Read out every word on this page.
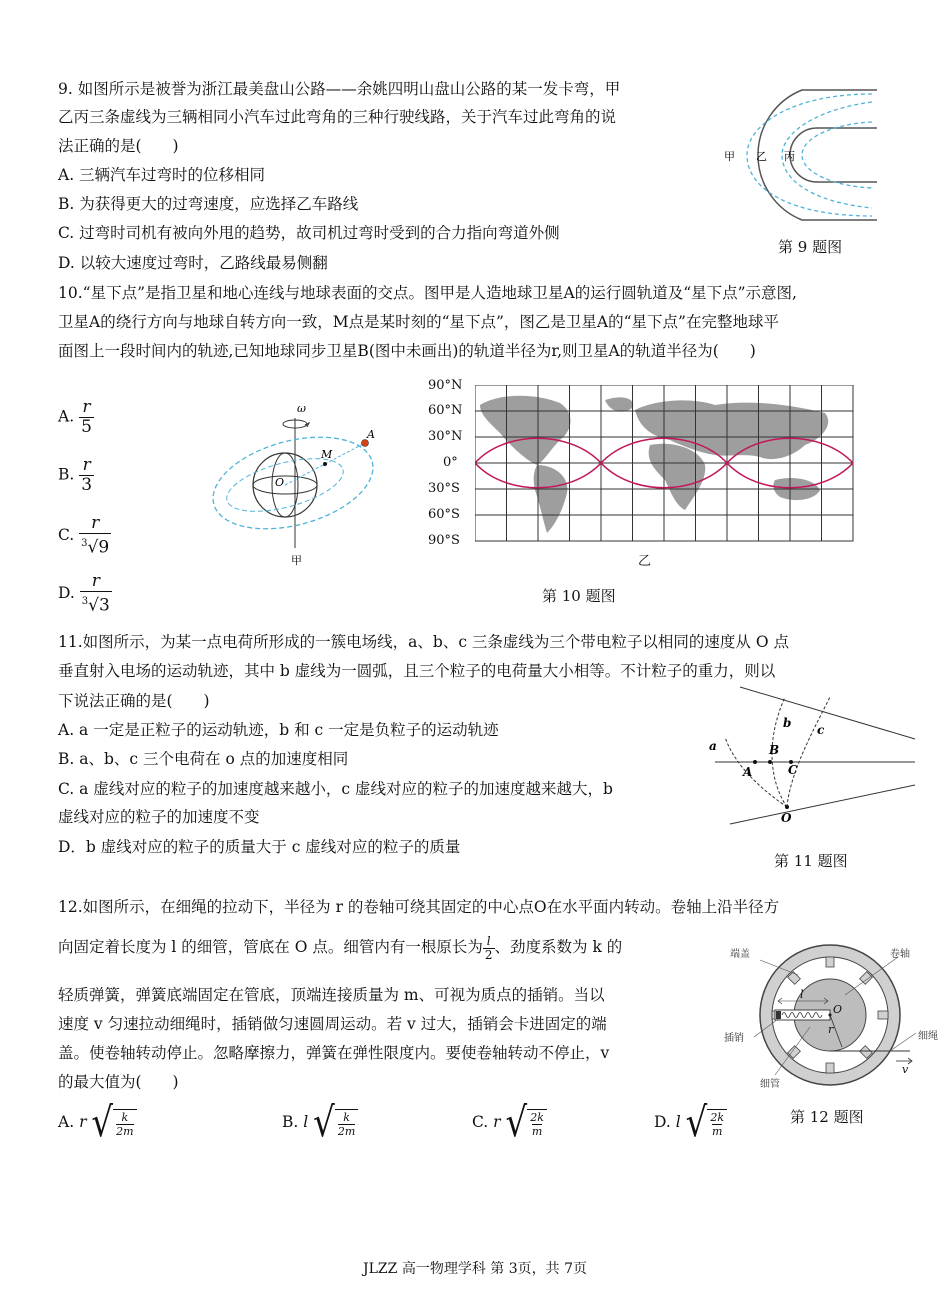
9. 如图所示是被誉为浙江最美盘山公路——余姚四明山盘山公路的某一发卡弯，甲
乙丙三条虚线为三辆相同小汽车过此弯角的三种行驶线路，关于汽车过此弯角的说
法正确的是(　　)
A. 三辆汽车过弯时的位移相同
B. 为获得更大的过弯速度，应选择乙车路线
C. 过弯时司机有被向外甩的趋势，故司机过弯时受到的合力指向弯道外侧
D. 以较大速度过弯时，乙路线最易侧翻
甲 乙 丙
第 9 题图
10.“星下点”是指卫星和地心连线与地球表面的交点。图甲是人造地球卫星A的运行圆轨道及“星下点”示意图,
卫星A的绕行方向与地球自转方向一致，M点是某时刻的“星下点”，图乙是卫星A的“星下点”在完整地球平
面图上一段时间内的轨迹,已知地球同步卫星B(图中未画出)的轨道半径为r,则卫星A的轨道半径为(　　)
A. $\frac{r}{5}$
B. $\frac{r}{3}$
C. $\frac{r}{^3√9}$
D. $\frac{r}{^3√3}$
ω
A
M
O
甲
90°N
60°N
30°N
0°
30°S
60°S
90°S
乙
第 10 题图
11.如图所示，为某一点电荷所形成的一簇电场线，a、b、c 三条虚线为三个带电粒子以相同的速度从 O 点
垂直射入电场的运动轨迹，其中 b 虚线为一圆弧，且三个粒子的电荷量大小相等。不计粒子的重力，则以
下说法正确的是(　　)
A. a 一定是正粒子的运动轨迹，b 和 c 一定是负粒子的运动轨迹
B. a、b、c 三个电荷在 o 点的加速度相同
C. a 虚线对应的粒子的加速度越来越小，c 虚线对应的粒子的加速度越来越大，b
虚线对应的粒子的加速度不变
D．b 虚线对应的粒子的质量大于 c 虚线对应的粒子的质量
a
b c
A
B
C
O
第 11 题图
12.如图所示，在细绳的拉动下，半径为 r 的卷轴可绕其固定的中心点O在水平面内转动。卷轴上沿半径方
向固定着长度为 l 的细管，管底在 O 点。细管内有一根原长为 $\frac{l}{2}$ 、劲度系数为 k 的
轻质弹簧，弹簧底端固定在管底，顶端连接质量为 m、可视为质点的插销。当以
速度 v 匀速拉动细绳时，插销做匀速圆周运动。若 v 过大，插销会卡进固定的端
盖。使卷轴转动停止。忽略摩擦力，弹簧在弹性限度内。要使卷轴转动不停止，v
的最大值为(　　)
A. r √ k
2m	B. l √ k
2m	C. r √ 2k
m	D. l √ 2k
m
端盖	卷轴
插销	细绳
细管
l
O
r
v
第 12 题图
JLZZ 高一物理学科 第 3页，共 7页
